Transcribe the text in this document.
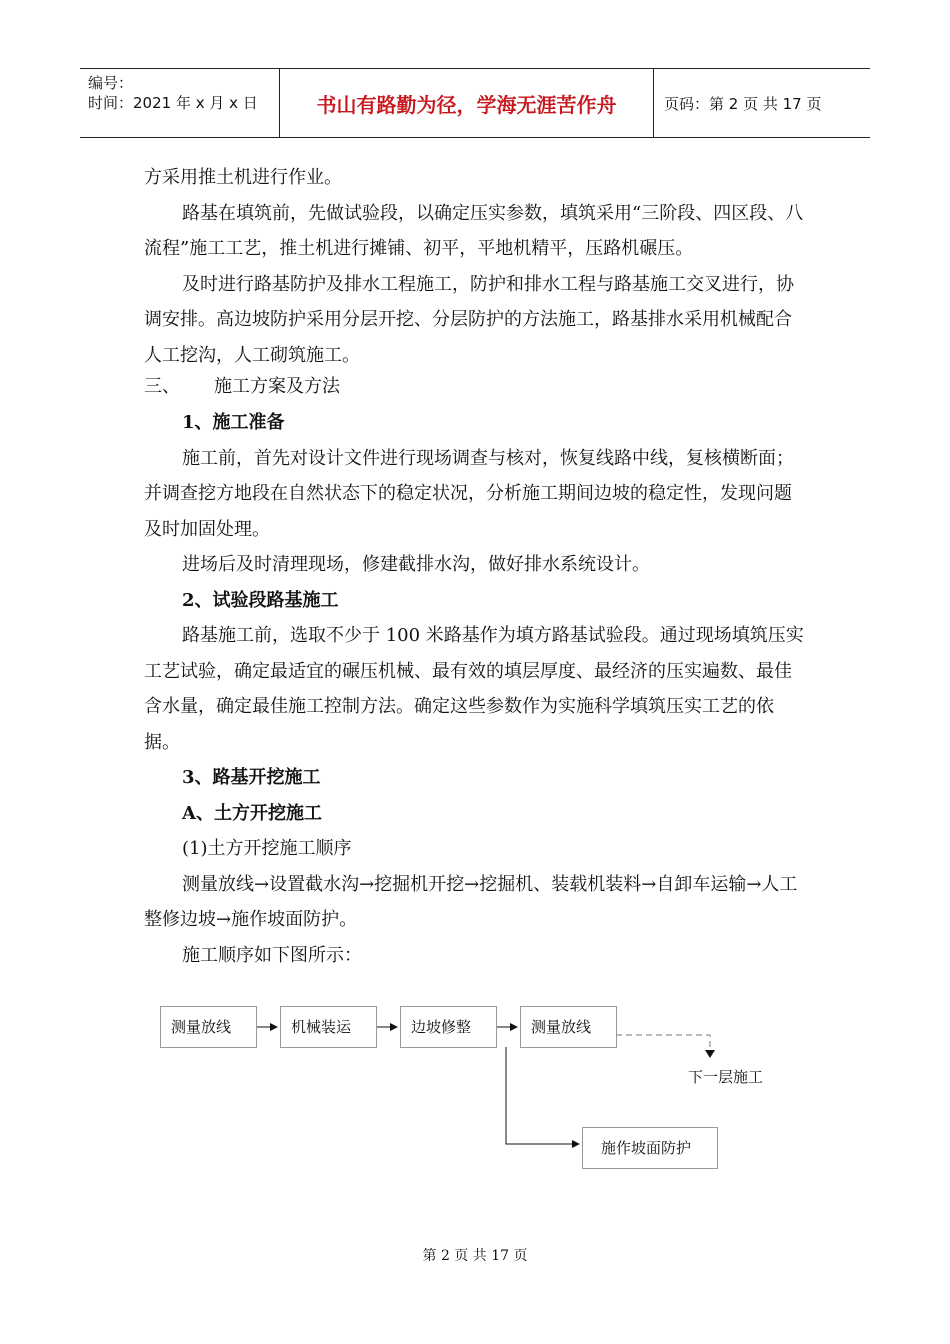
编号：
时间：2021 年 x 月 x 日	书山有路勤为径，学海无涯苦作舟	页码：第 2 页 共 17 页

方采用推土机进行作业。

路基在填筑前，先做试验段，以确定压实参数，填筑采用“三阶段、四区段、八流程”施工工艺，推土机进行摊铺、初平，平地机精平，压路机碾压。

及时进行路基防护及排水工程施工，防护和排水工程与路基施工交叉进行，协调安排。高边坡防护采用分层开挖、分层防护的方法施工，路基排水采用机械配合人工挖沟，人工砌筑施工。

三、	施工方案及方法

1、施工准备

施工前，首先对设计文件进行现场调查与核对，恢复线路中线，复核横断面；并调查挖方地段在自然状态下的稳定状况，分析施工期间边坡的稳定性，发现问题及时加固处理。

进场后及时清理现场，修建截排水沟，做好排水系统设计。

2、试验段路基施工

路基施工前，选取不少于 100 米路基作为填方路基试验段。通过现场填筑压实工艺试验，确定最适宜的碾压机械、最有效的填层厚度、最经济的压实遍数、最佳含水量，确定最佳施工控制方法。确定这些参数作为实施科学填筑压实工艺的依据。

3、路基开挖施工

A、土方开挖施工

(1)土方开挖施工顺序

测量放线→设置截水沟→挖掘机开挖→挖掘机、装载机装料→自卸车运输→人工整修边坡→施作坡面防护。

施工顺序如下图所示：

测量放线	机械装运	边坡修整	测量放线
下一层施工
施作坡面防护
第 2 页 共 17 页
